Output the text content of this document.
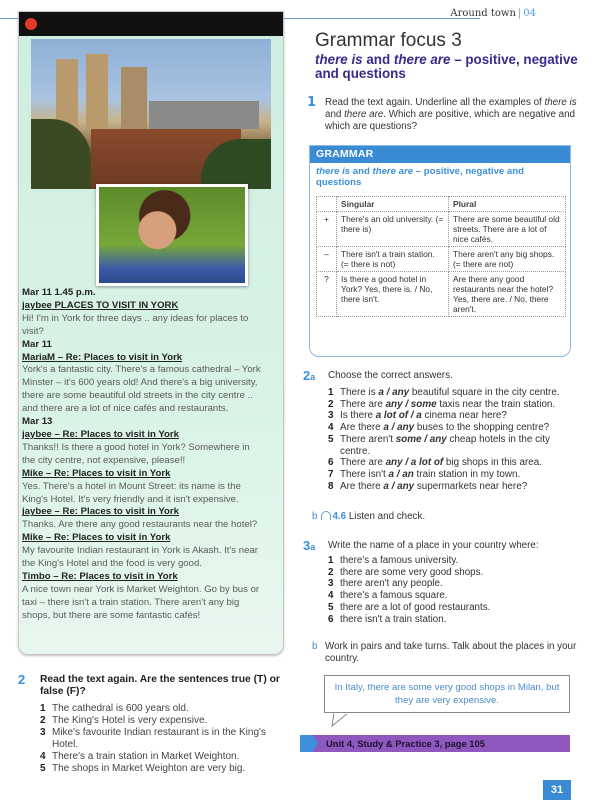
Around town | 04
Mar 11 1.45 p.m.
jaybee PLACES TO VISIT IN YORK
Hi! I'm in York for three days .. any ideas for places to visit?
Mar 11
MariaM – Re: Places to visit in York
York's a fantastic city. There's a famous cathedral – York Minster – it's 600 years old! And there's a big university, there are some beautiful old streets in the city centre .. and there are a lot of nice cafés and restaurants.
Mar 13
jaybee – Re: Places to visit in York
Thanks!! Is there a good hotel in York? Somewhere in the city centre, not expensive, please!!
Mike – Re: Places to visit in York
Yes. There's a hotel in Mount Street: its name is the King's Hotel. It's very friendly and it isn't expensive.
jaybee – Re: Places to visit in York
Thanks. Are there any good restaurants near the hotel?
Mike – Re: Places to visit in York
My favourite Indian restaurant in York is Akash. It's near the King's Hotel and the food is very good.
Timbo – Re: Places to visit in York
A nice town near York is Market Weighton. Go by bus or taxi – there isn't a train station. There aren't any big shops, but there are some fantastic cafés!
2 Read the text again. Are the sentences true (T) or false (F)?
1 The cathedral is 600 years old.
2 The King's Hotel is very expensive.
3 Mike's favourite Indian restaurant is in the King's Hotel.
4 There's a train station in Market Weighton.
5 The shops in Market Weighton are very big.
Grammar focus 3
there is and there are – positive, negative and questions
1 Read the text again. Underline all the examples of there is and there are. Which are positive, which are negative and which are questions?
GRAMMAR
there is and there are – positive, negative and questions
	Singular	Plural
+	There's an old university. (= there is)	There are some beautiful old streets. There are a lot of nice cafés.
–	There isn't a train station. (= there is not)	There aren't any big shops. (= there are not)
?	Is there a good hotel in York? Yes, there is. / No, there isn't.	Are there any good restaurants near the hotel? Yes, there are. / No, there aren't.
2a Choose the correct answers.
1 There is a / any beautiful square in the city centre.
2 There are any / some taxis near the train station.
3 Is there a lot of / a cinema near here?
4 Are there a / any buses to the shopping centre?
5 There aren't some / any cheap hotels in the city centre.
6 There are any / a lot of big shops in this area.
7 There isn't a / an train station in my town.
8 Are there a / any supermarkets near here?
b 4.6 Listen and check.
3a Write the name of a place in your country where:
1 there's a famous university.
2 there are some very good shops.
3 there aren't any people.
4 there's a famous square.
5 there are a lot of good restaurants.
6 there isn't a train station.
b Work in pairs and take turns. Talk about the places in your country.
In Italy, there are some very good shops in Milan, but they are very expensive.
Unit 4, Study & Practice 3, page 105
31
